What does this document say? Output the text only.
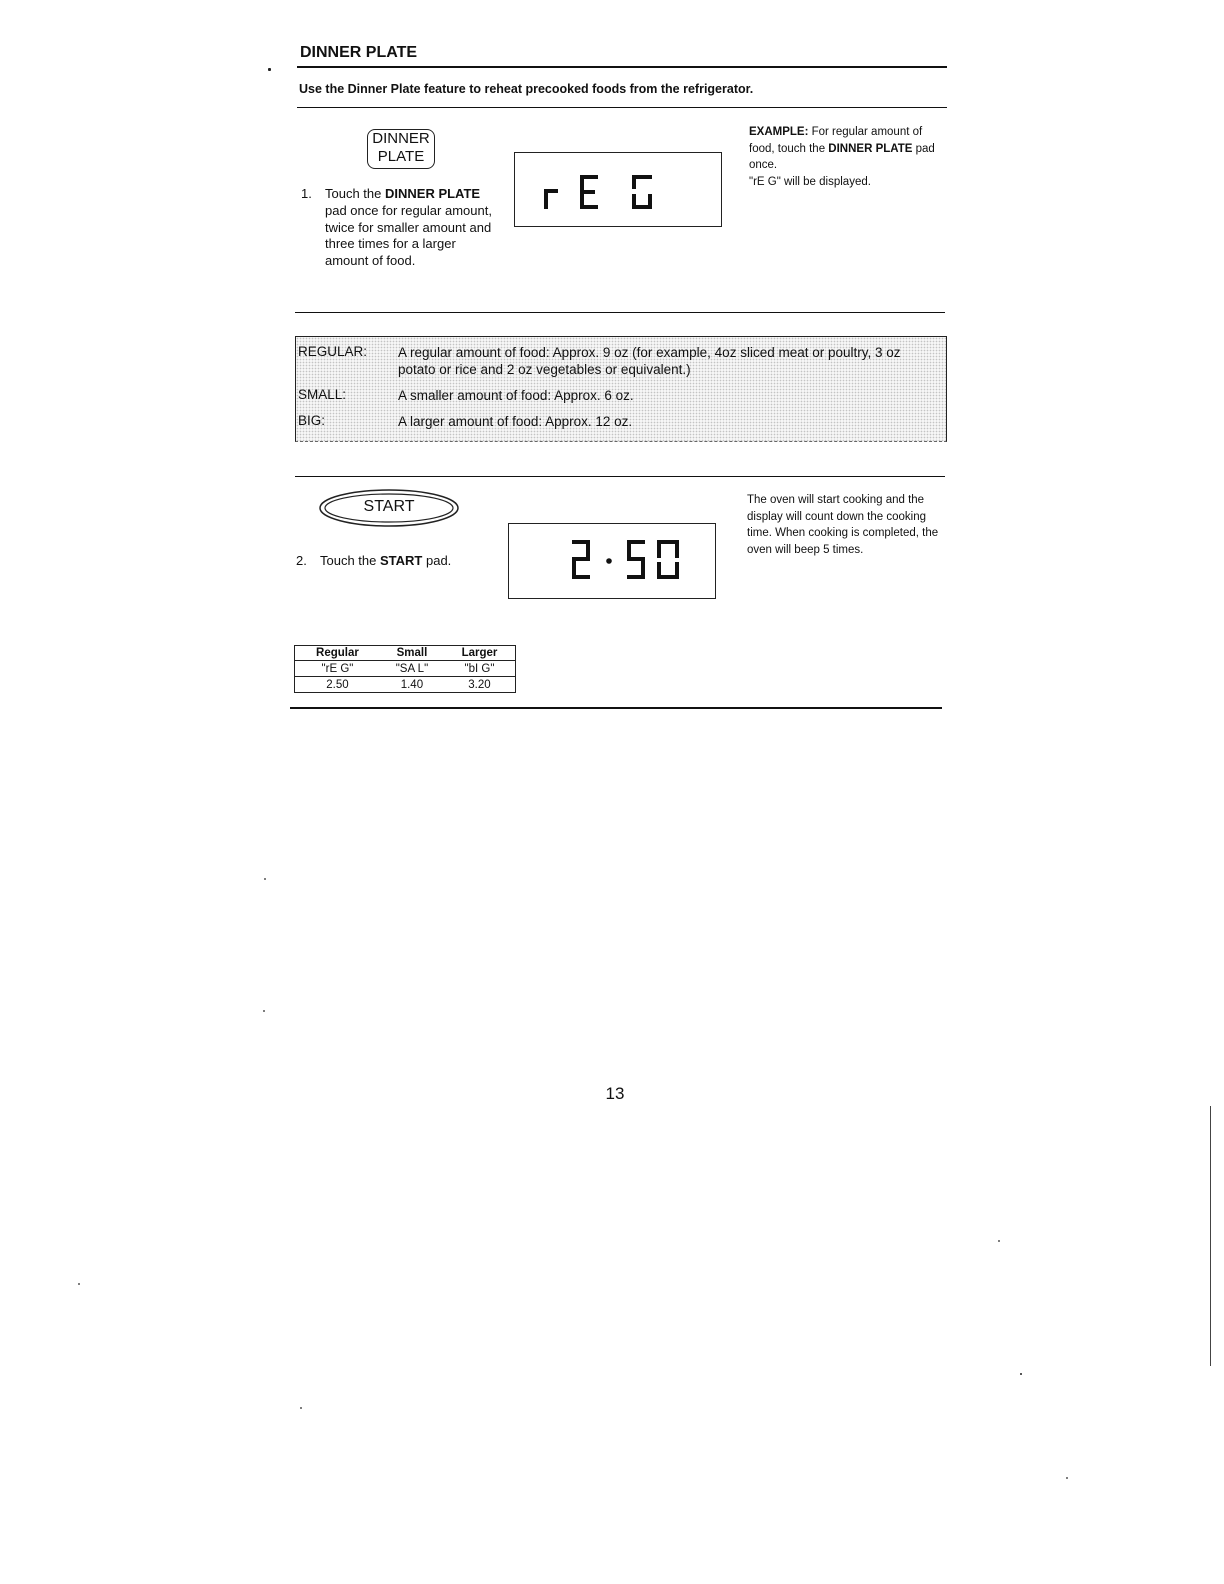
DINNER PLATE
Use the Dinner Plate feature to reheat precooked foods from the refrigerator.
DINNER
PLATE
1. Touch the DINNER PLATE pad once for regular amount, twice for smaller amount and three times for a larger amount of food.
EXAMPLE: For regular amount of food, touch the DINNER PLATE pad once.
"rE G" will be displayed.
REGULAR: A regular amount of food: Approx. 9 oz (for example, 4oz sliced meat or poultry, 3 oz potato or rice and 2 oz vegetables or equivalent.)
SMALL:	A smaller amount of food: Approx. 6 oz.
BIG:	A larger amount of food: Approx. 12 oz.
START
2. Touch the START pad.
The oven will start cooking and the display will count down the cooking time. When cooking is completed, the oven will beep 5 times.
Regular	Small	Larger
"rE G"	"SA L"	"bI G"
2.50	1.40	3.20
13
